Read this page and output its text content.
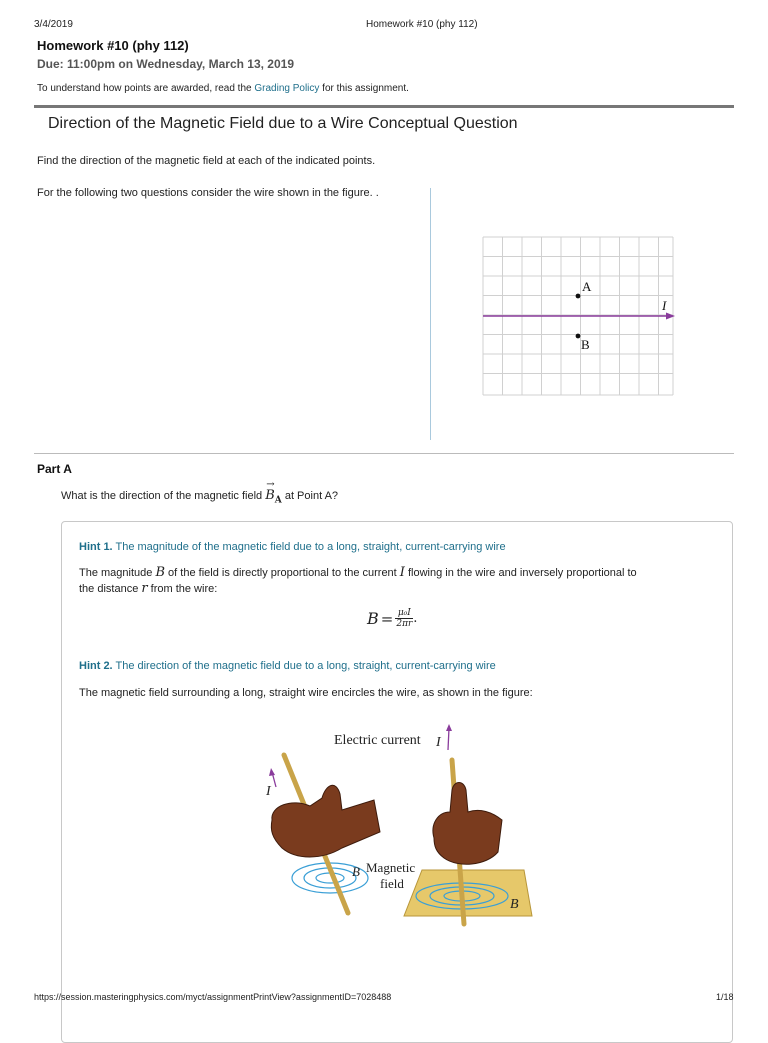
3/4/2019	Homework #10 (phy 112)
Homework #10 (phy 112)
Due: 11:00pm on Wednesday, March 13, 2019
To understand how points are awarded, read the Grading Policy for this assignment.
Direction of the Magnetic Field due to a Wire Conceptual Question
Find the direction of the magnetic field at each of the indicated points.
For the following two questions consider the wire shown in the figure. .
A
B
I
Part A
What is the direction of the magnetic field
→
$B_A$ at Point A?
Hint 1. The magnitude of the magnetic field due to a long, straight, current-carrying wire
The magnitude B of the field is directly proportional to the current I flowing in the wire and inversely proportional to
the distance r from the wire:
$B = \frac{\text{μ₀I}}{2\pi r}$ .
Hint 2. The direction of the magnetic field due to a long, straight, current-carrying wire
The magnetic field surrounding a long, straight wire encircles the wire, as shown in the figure:
Electric current I
I
B Magnetic
field
B
https://session.masteringphysics.com/myct/assignmentPrintView?assignmentID=7028488	1/18
